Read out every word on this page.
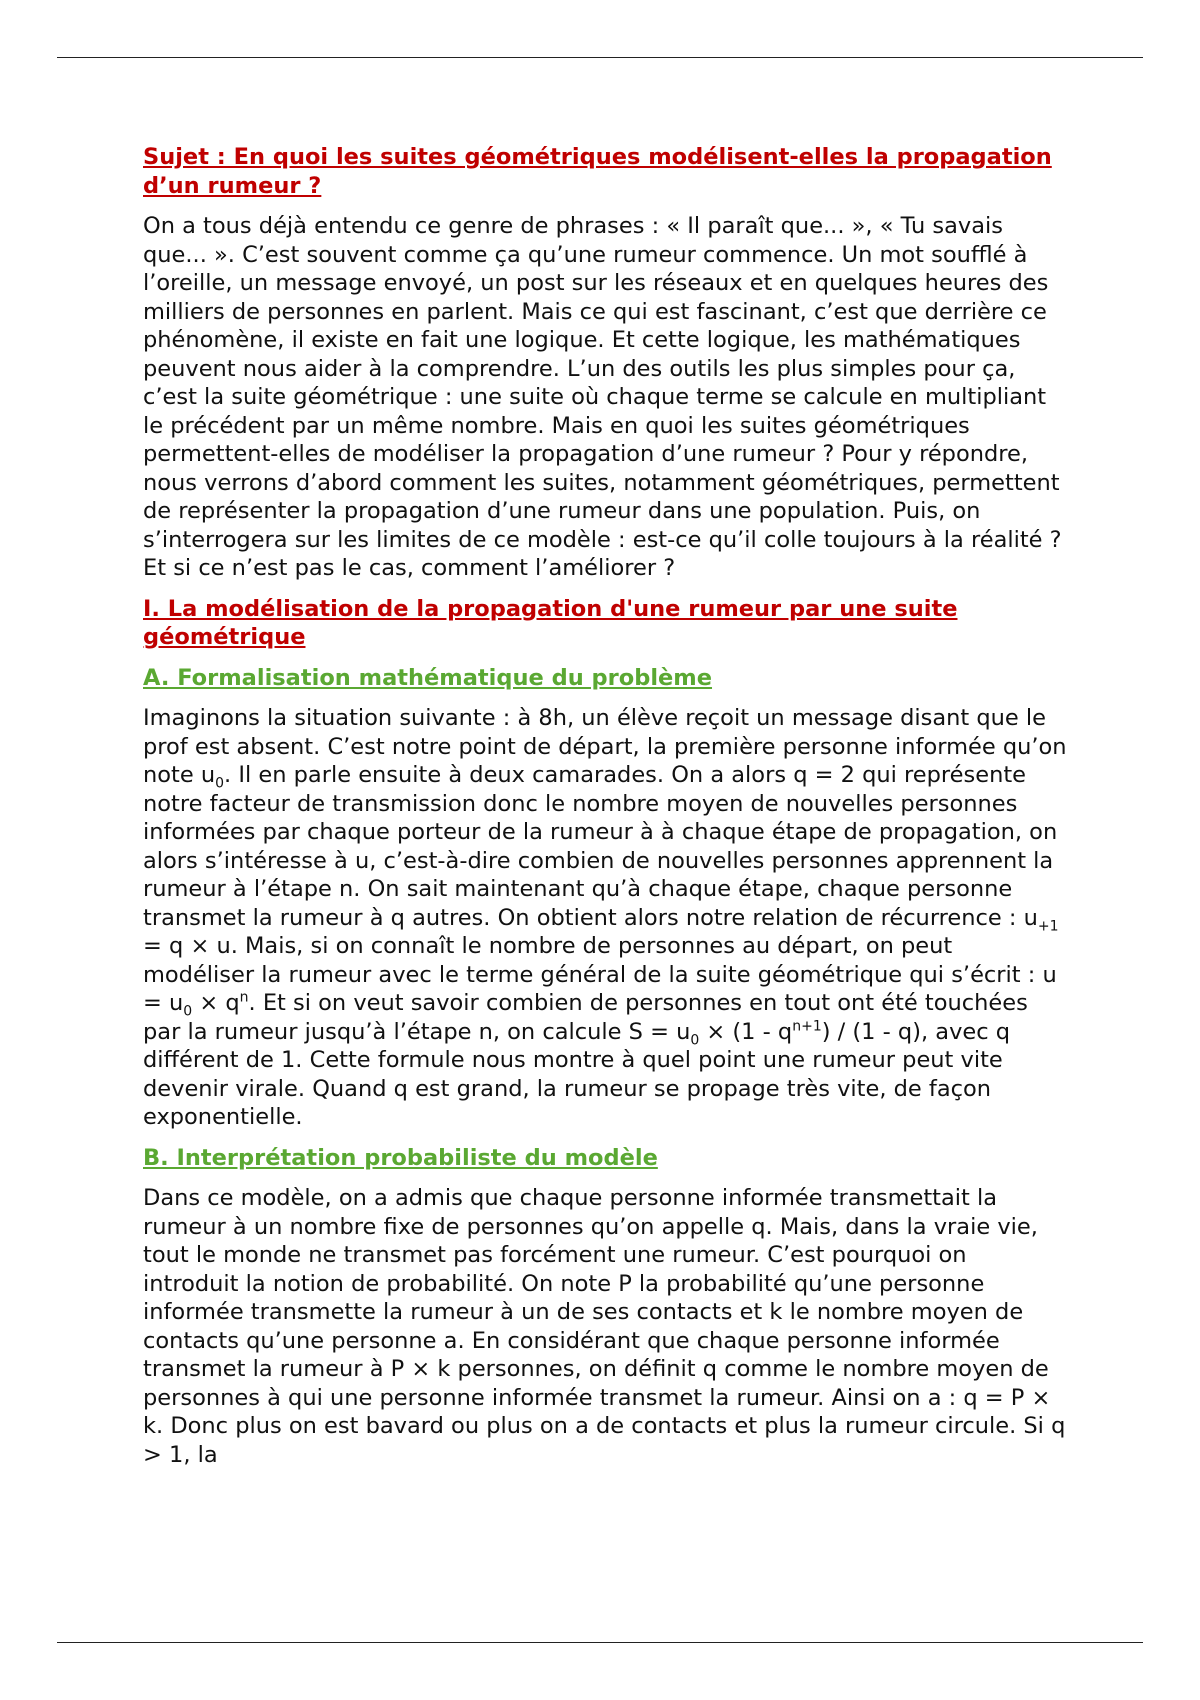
Sujet : En quoi les suites géométriques modélisent-elles la propagation d’un rumeur ?
On a tous déjà entendu ce genre de phrases : « Il paraît que... », « Tu savais que... ». C’est souvent comme ça qu’une rumeur commence. Un mot soufflé à l’oreille, un message envoyé, un post sur les réseaux et en quelques heures des milliers de personnes en parlent. Mais ce qui est fascinant, c’est que derrière ce phénomène, il existe en fait une logique. Et cette logique, les mathématiques peuvent nous aider à la comprendre. L’un des outils les plus simples pour ça, c’est la suite géométrique : une suite où chaque terme se calcule en multipliant le précédent par un même nombre. Mais en quoi les suites géométriques permettent-elles de modéliser la propagation d’une rumeur ? Pour y répondre, nous verrons d’abord comment les suites, notamment géométriques, permettent de représenter la propagation d’une rumeur dans une population. Puis, on s’interrogera sur les limites de ce modèle : est-ce qu’il colle toujours à la réalité ? Et si ce n’est pas le cas, comment l’améliorer ?
I. La modélisation de la propagation d'une rumeur par une suite géométrique
A. Formalisation mathématique du problème
Imaginons la situation suivante : à 8h, un élève reçoit un message disant que le prof est absent. C’est notre point de départ, la première personne informée qu’on note $u_0$. Il en parle ensuite à deux camarades. On a alors q = 2 qui représente notre facteur de transmission donc le nombre moyen de nouvelles personnes informées par chaque porteur de la rumeur à à chaque étape de propagation, on alors s’intéresse à u, c’est-à-dire combien de nouvelles personnes apprennent la rumeur à l’étape n. On sait maintenant qu’à chaque étape, chaque personne transmet la rumeur à q autres. On obtient alors notre relation de récurrence : $u_{+1} = q \times u$. Mais, si on connaît le nombre de personnes au départ, on peut modéliser la rumeur avec le terme général de la suite géométrique qui s’écrit : $u = u_0 \times q^n$. Et si on veut savoir combien de personnes en tout ont été touchées par la rumeur jusqu’à l’étape n, on calcule $S = u_0 \times (1 - q^{n+1}) / (1 - q)$, avec q différent de 1. Cette formule nous montre à quel point une rumeur peut vite devenir virale. Quand q est grand, la rumeur se propage très vite, de façon exponentielle.
B. Interprétation probabiliste du modèle
Dans ce modèle, on a admis que chaque personne informée transmettait la rumeur à un nombre fixe de personnes qu’on appelle q. Mais, dans la vraie vie, tout le monde ne transmet pas forcément une rumeur. C’est pourquoi on introduit la notion de probabilité. On note P la probabilité qu’une personne informée transmette la rumeur à un de ses contacts et k le nombre moyen de contacts qu’une personne a. En considérant que chaque personne informée transmet la rumeur à P × k personnes, on définit q comme le nombre moyen de personnes à qui une personne informée transmet la rumeur. Ainsi on a : q = P × k. Donc plus on est bavard ou plus on a de contacts et plus la rumeur circule. Si q > 1, la
